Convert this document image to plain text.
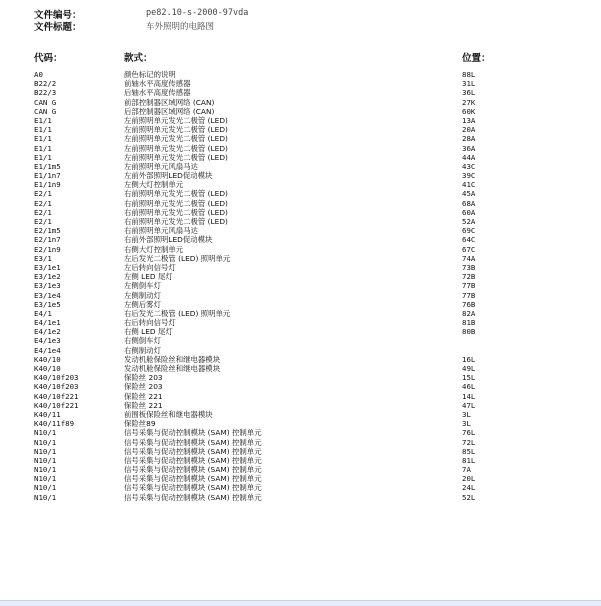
文件编号：	pe82.10-s-2000-97vda
文件标题：	车外照明的电路图
代码：	款式：	位置：
A0	颜色标记的说明	88L
B22/2	前轴水平高度传感器	31L
B22/3	后轴水平高度传感器	36L
CAN G	前部控制器区域网络 (CAN)	27K
CAN G	后部控制器区域网络 (CAN)	60K
E1/1	左前照明单元发光二极管 (LED)	13A
E1/1	左前照明单元发光二极管 (LED)	20A
E1/1	左前照明单元发光二极管 (LED)	28A
E1/1	左前照明单元发光二极管 (LED)	36A
E1/1	左前照明单元发光二极管 (LED)	44A
E1/1m5	左前照明单元风扇马达	43C
E1/1n7	左前外部照明LED促动模块	39C
E1/1n9	左侧大灯控制单元	41C
E2/1	右前照明单元发光二极管 (LED)	45A
E2/1	右前照明单元发光二极管 (LED)	68A
E2/1	右前照明单元发光二极管 (LED)	60A
E2/1	右前照明单元发光二极管 (LED)	52A
E2/1m5	右前照明单元风扇马达	69C
E2/1n7	右前外部照明LED促动模块	64C
E2/1n9	右侧大灯控制单元	67C
E3/1	左后发光二极管 (LED) 照明单元	74A
E3/1e1	左后转向信号灯	73B
E3/1e2	左侧 LED 尾灯	72B
E3/1e3	左侧倒车灯	77B
E3/1e4	左侧制动灯	77B
E3/1e5	左侧后雾灯	76B
E4/1	右后发光二极管 (LED) 照明单元	82A
E4/1e1	右后转向信号灯	81B
E4/1e2	右侧 LED 尾灯	80B
E4/1e3	右侧倒车灯
E4/1e4	右侧制动灯
K40/10	发动机舱保险丝和继电器模块	16L
K40/10	发动机舱保险丝和继电器模块	49L
K40/10f203	保险丝 203	15L
K40/10f203	保险丝 203	46L
K40/10f221	保险丝 221	14L
K40/10f221	保险丝 221	47L
K40/11	前围板保险丝和继电器模块	3L
K40/11f89	保险丝89	3L
N10/1	信号采集与促动控制模块 (SAM) 控制单元	76L
N10/1	信号采集与促动控制模块 (SAM) 控制单元	72L
N10/1	信号采集与促动控制模块 (SAM) 控制单元	85L
N10/1	信号采集与促动控制模块 (SAM) 控制单元	81L
N10/1	信号采集与促动控制模块 (SAM) 控制单元	7A
N10/1	信号采集与促动控制模块 (SAM) 控制单元	20L
N10/1	信号采集与促动控制模块 (SAM) 控制单元	24L
N10/1	信号采集与促动控制模块 (SAM) 控制单元	52L
